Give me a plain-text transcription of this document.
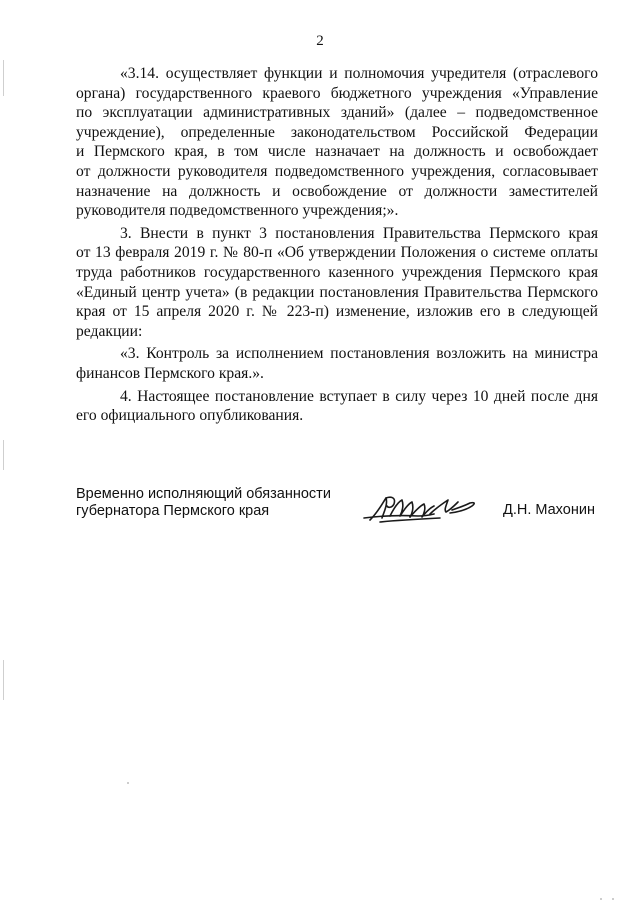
2

«3.14. осуществляет функции и полномочия учредителя (отраслевого
органа) государственного краевого бюджетного учреждения «Управление
по эксплуатации административных зданий» (далее – подведомственное
учреждение), определенные законодательством Российской Федерации
и Пермского края, в том числе назначает на должность и освобождает
от должности руководителя подведомственного учреждения, согласовывает
назначение на должность и освобождение от должности заместителей
руководителя подведомственного учреждения;».

3. Внести в пункт 3 постановления Правительства Пермского края
от 13 февраля 2019 г. № 80-п «Об утверждении Положения о системе оплаты
труда работников государственного казенного учреждения Пермского края
«Единый центр учета» (в редакции постановления Правительства Пермского
края от 15 апреля 2020 г. № 223-п) изменение, изложив его в следующей
редакции:

«3. Контроль за исполнением постановления возложить на министра
финансов Пермского края.».

4. Настоящее постановление вступает в силу через 10 дней после дня
его официального опубликования.

Временно исполняющий обязанности
губернатора Пермского края	Д.Н. Махонин
